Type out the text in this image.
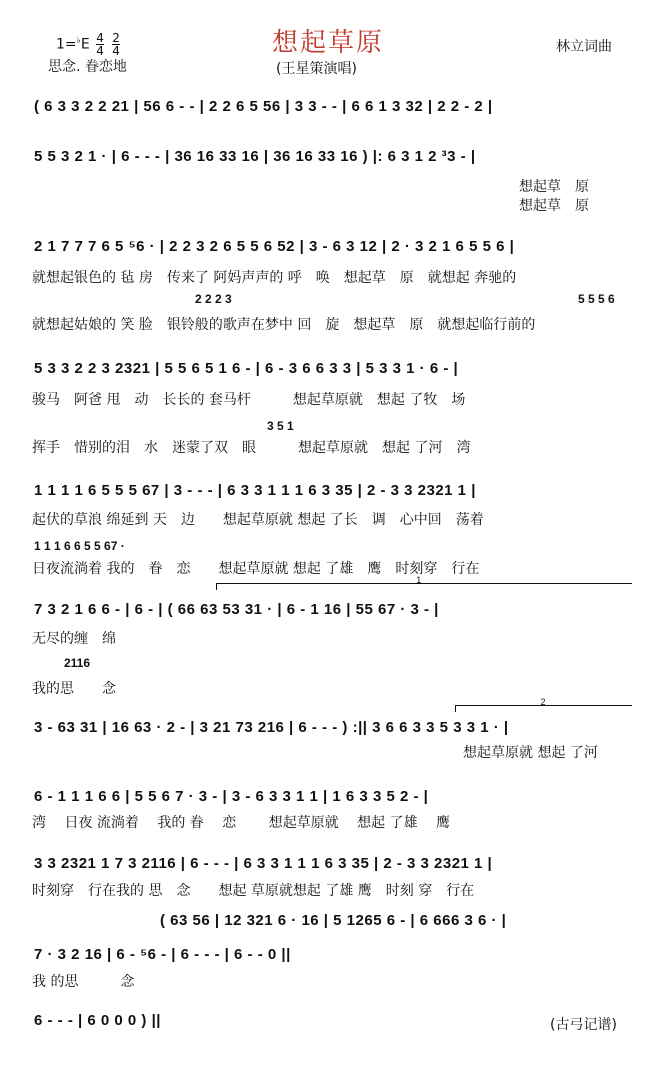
想起草原
(王星策演唱)
林立词曲
$1=^♭E \frac{4}{4}$
$\frac{2}{4}$
思念. 眷恋地
( 6 3 3 2 2 21 | 56 6 - - | 2 2 6 5 56 | 3 3 - - | 6 6 1 3 32 | 2 2 - 2 |
5 5 3 2 1 · | 6 - - - | 36 16 33 16 | 36 16 33 16 ) |: 6 3 1 2 ³3 - |
想起草　原
想起草　原
2 1 7 7 7 6 5 ⁵6 · | 2 2 3 2 6 5 5 6 52 | 3 - 6 3 12 | 2 · 3 2 1 6 5 5 6 |
就想起银色的 毡 房　传来了 阿妈声声的 呼　唤　想起草　原　就想起 奔驰的
2 2 2 3	5 5 5 6
就想起姑娘的 笑 脸　银铃般的歌声在梦中 回　旋　想起草　原　就想起临行前的
5 3 3 2 2 3 2321 | 5 5 6 5 1 6 - | 6 - 3 6 6 3 3 | 5 3 3 1 · 6 - |
骏马　阿爸 甩　动　长长的 套马杆　　　想起草原就　想起 了牧　场
3 5 1
挥手　惜别的泪　水　迷蒙了双　眼　　　想起草原就　想起 了河　湾
1 1 1 1 6 5 5 5 67 | 3 - - - | 6 3 3 1 1 1 6 3 35 | 2 - 3 3 2321 1 |
起伏的草浪 绵延到 天　边　　想起草原就 想起 了长　调　心中回　荡着
1 1 1 6 6 5 5 67 ·
日夜流淌着 我的　眷　恋　　想起草原就 想起 了雄　鹰　时刻穿　行在
1
7 3 2 1 6 6 - | 6 - | ( 66 63 53 31 · | 6 - 1 16 | 55 67 · 3 - |
无尽的缠　绵
2116
我的思　　念
2
3 - 63 31 | 16 63 · 2 - | 3 21 73 216 | 6 - - - ) :|| 3 6 6 3 3 5 3 3 1 · |
想起草原就 想起 了河
6 - 1 1 1 6 6 | 5 5 6 7 · 3 - | 3 - 6 3 3 1 1 | 1 6 3 3 5 2 - |
湾　 日夜 流淌着　 我的 眷　 恋　　 想起草原就 　想起 了雄　 鹰
3 3 2321 1 7 3 2116 | 6 - - - | 6 3 3 1 1 1 6 3 35 | 2 - 3 3 2321 1 |
时刻穿　行在我的 思　念　　想起 草原就想起 了雄 鹰　时刻 穿　行在
( 63 56 | 12 321 6 · 16 | 5 1265 6 - | 6 666 3 6 · |
7 · 3 2 16 | 6 - ⁵6 - | 6 - - - | 6 - - 0 ||
我 的思　　　念
6 - - - | 6 0 0 0 ) ||	(古弓记谱)
